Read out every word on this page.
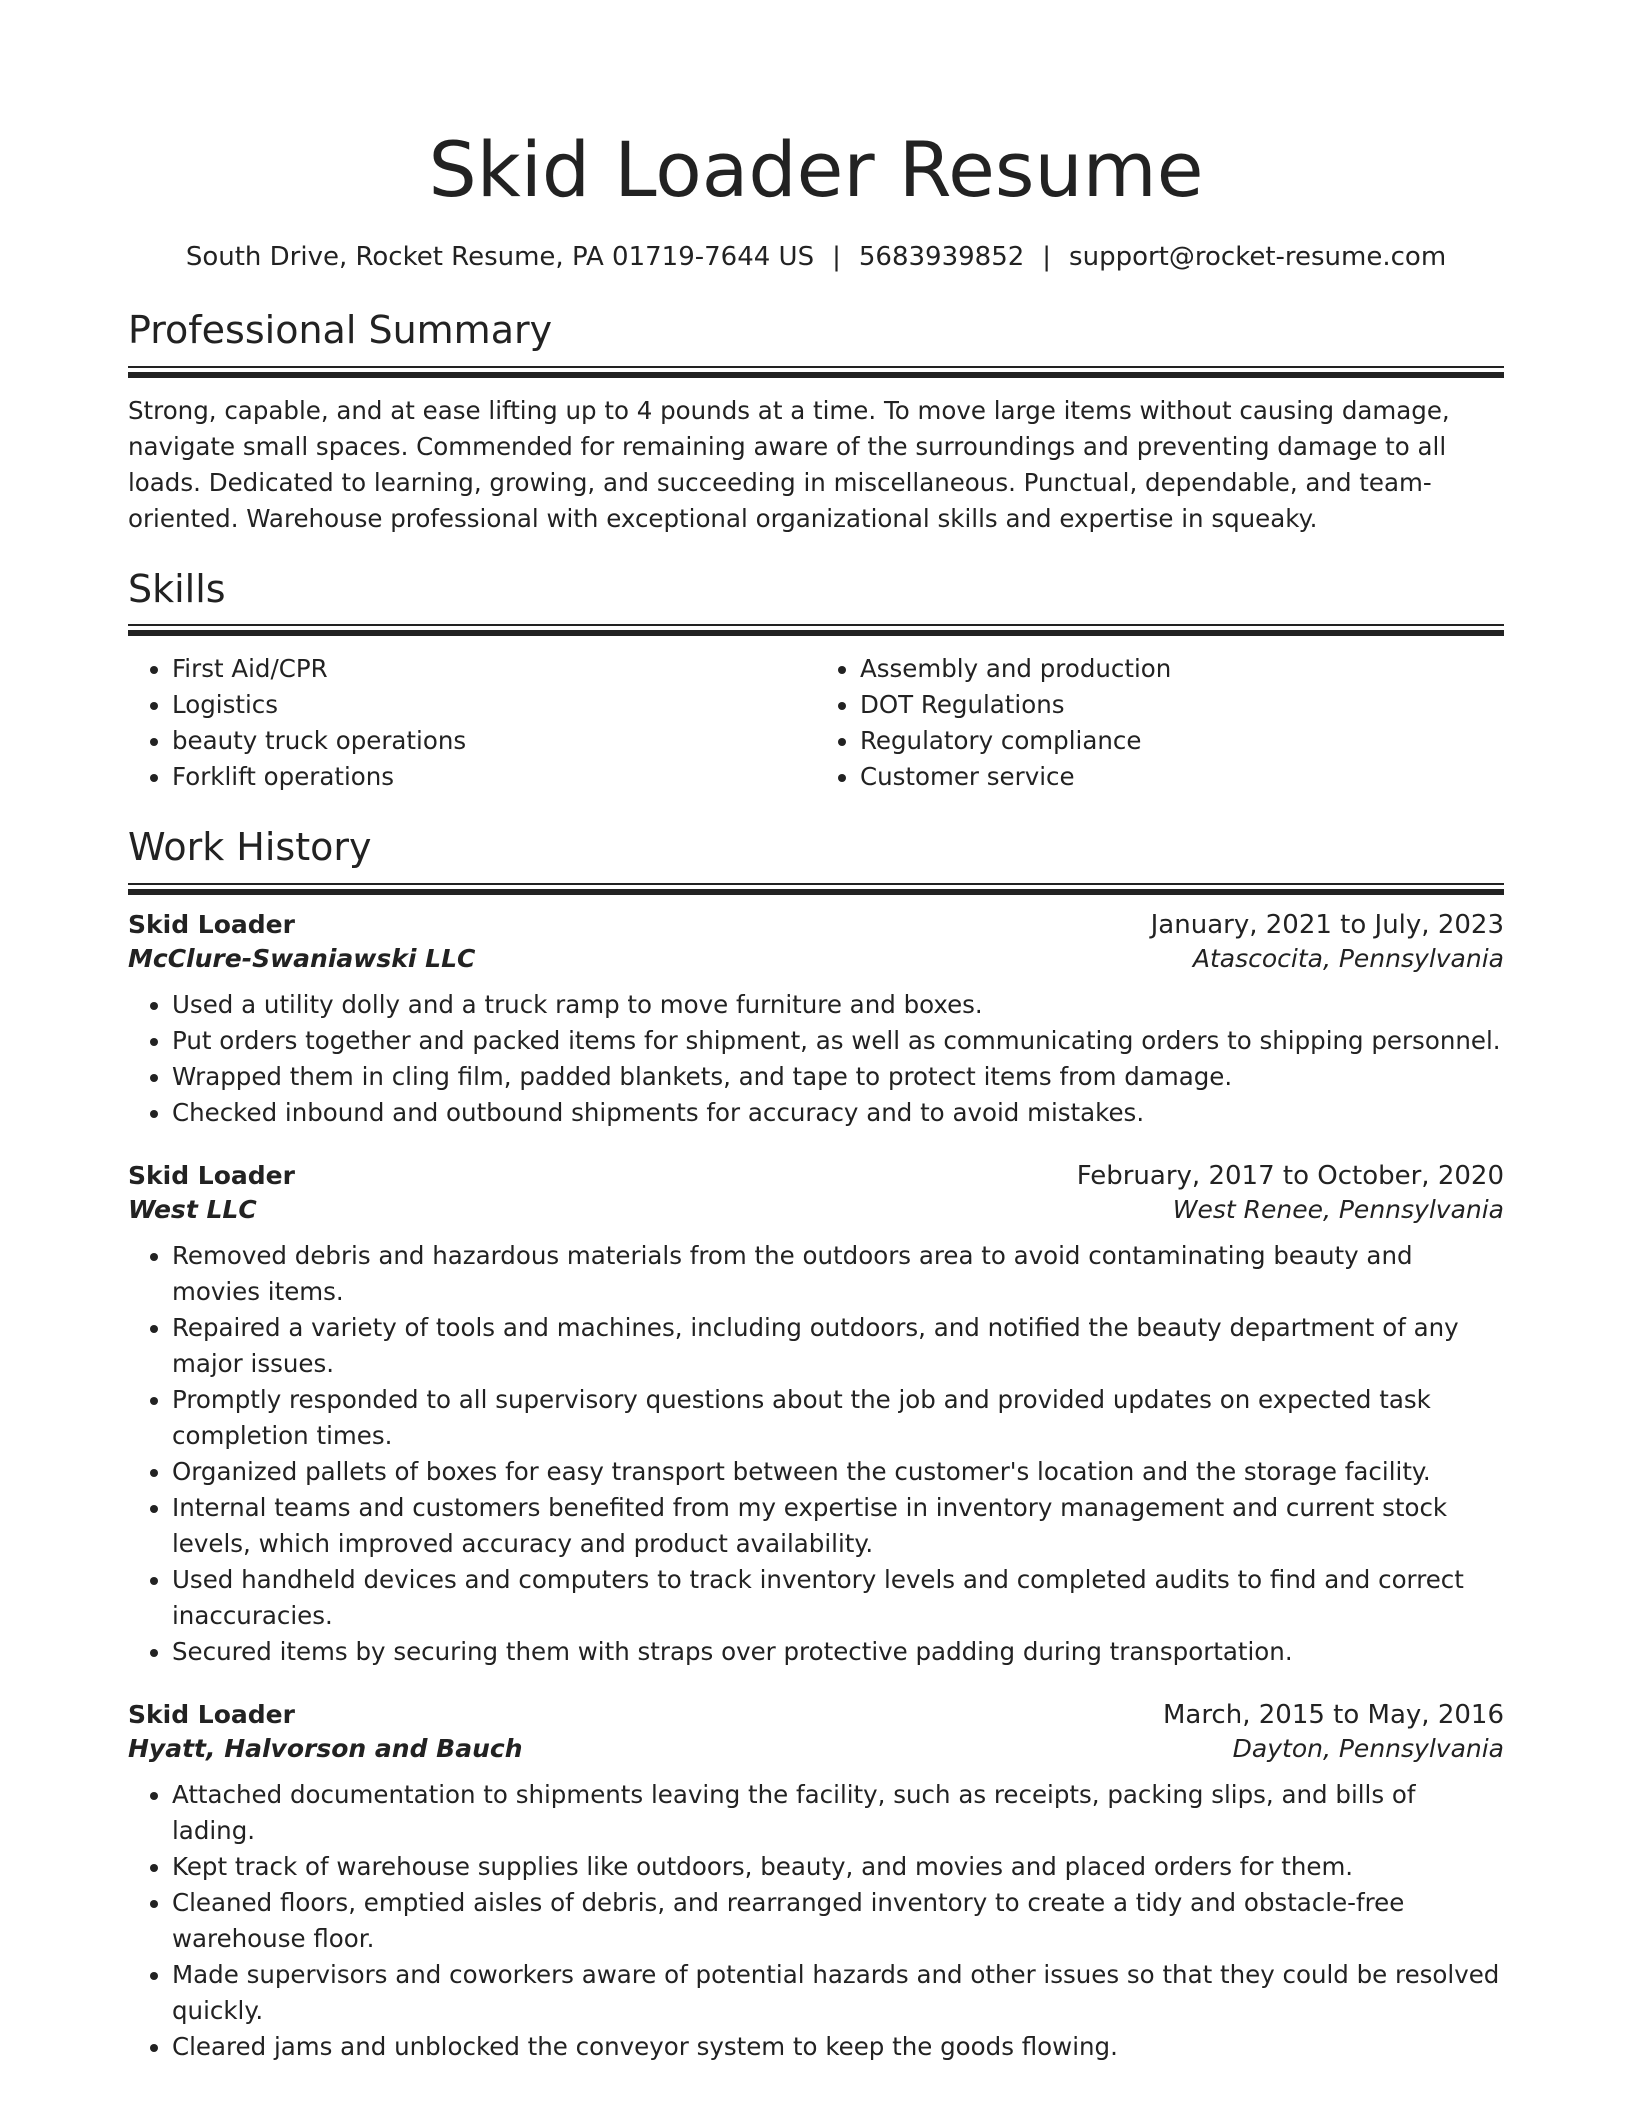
Skid Loader Resume
South Drive, Rocket Resume, PA 01719-7644 US | 5683939852 | support@rocket-resume.com
Professional Summary

Strong, capable, and at ease lifting up to 4 pounds at a time. To move large items without causing damage, navigate small spaces. Commended for remaining aware of the surroundings and preventing damage to all loads. Dedicated to learning, growing, and succeeding in miscellaneous. Punctual, dependable, and team-oriented. Warehouse professional with exceptional organizational skills and expertise in squeaky.

Skills
• First Aid/CPR
• Logistics
• beauty truck operations
• Forklift operations
• Assembly and production
• DOT Regulations
• Regulatory compliance
• Customer service
Work History
Skid Loader	January, 2021 to July, 2023
McClure-Swaniawski LLC	Atascocita, Pennsylvania
• Used a utility dolly and a truck ramp to move furniture and boxes.
• Put orders together and packed items for shipment, as well as communicating orders to shipping personnel.
• Wrapped them in cling film, padded blankets, and tape to protect items from damage.
• Checked inbound and outbound shipments for accuracy and to avoid mistakes.
Skid Loader	February, 2017 to October, 2020
West LLC	West Renee, Pennsylvania
• Removed debris and hazardous materials from the outdoors area to avoid contaminating beauty and movies items.
• Repaired a variety of tools and machines, including outdoors, and notified the beauty department of any major issues.
• Promptly responded to all supervisory questions about the job and provided updates on expected task completion times.
• Organized pallets of boxes for easy transport between the customer's location and the storage facility.
• Internal teams and customers benefited from my expertise in inventory management and current stock levels, which improved accuracy and product availability.
• Used handheld devices and computers to track inventory levels and completed audits to find and correct inaccuracies.
• Secured items by securing them with straps over protective padding during transportation.
Skid Loader	March, 2015 to May, 2016
Hyatt, Halvorson and Bauch	Dayton, Pennsylvania
• Attached documentation to shipments leaving the facility, such as receipts, packing slips, and bills of lading.
• Kept track of warehouse supplies like outdoors, beauty, and movies and placed orders for them.
• Cleaned floors, emptied aisles of debris, and rearranged inventory to create a tidy and obstacle-free warehouse floor.
• Made supervisors and coworkers aware of potential hazards and other issues so that they could be resolved quickly.
• Cleared jams and unblocked the conveyor system to keep the goods flowing.
